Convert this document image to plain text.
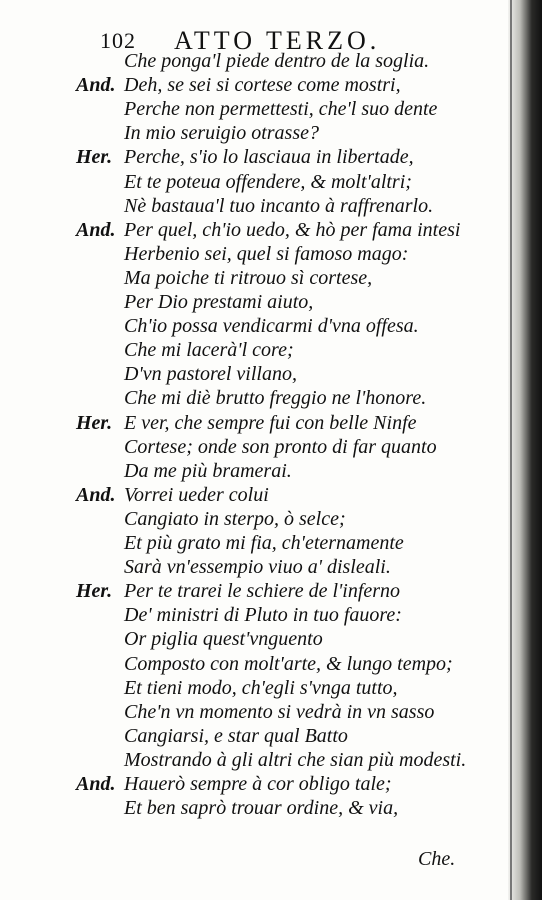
102 ATTO TERZO.
Che ponga'l piede dentro de la soglia.
And. Deh, se sei si cortese come mostri,
Perche non permettesti, che'l suo dente
In mio seruigio otrasse?
Her. Perche, s'io lo lasciaua in libertade,
Et te poteua offendere, & molt'altri;
Nè bastaua'l tuo incanto à raffrenarlo.
And. Per quel, ch'io uedo, & hò per fama intesi
Herbenio sei, quel si famoso mago:
Ma poiche ti ritrouo sì cortese,
Per Dio prestami aiuto,
Ch'io possa vendicarmi d'vna offesa.
Che mi lacerà'l core;
D'vn pastorel villano,
Che mi diè brutto freggio ne l'honore.
Her. E ver, che sempre fui con belle Ninfe
Cortese; onde son pronto di far quanto
Da me più bramerai.
And. Vorrei ueder colui
Cangiato in sterpo, ò selce;
Et più grato mi fia, ch'eternamente
Sarà vn'essempio viuo a' disleali.
Her. Per te trarei le schiere de l'inferno
De' ministri di Pluto in tuo fauore:
Or piglia quest'vnguento
Composto con molt'arte, & lungo tempo;
Et tieni modo, ch'egli s'vnga tutto,
Che'n vn momento si vedrà in vn sasso
Cangiarsi, e star qual Batto
Mostrando à gli altri che sian più modesti.
And. Hauerò sempre à cor obligo tale;
Et ben saprò trouar ordine, & via,
Che.
